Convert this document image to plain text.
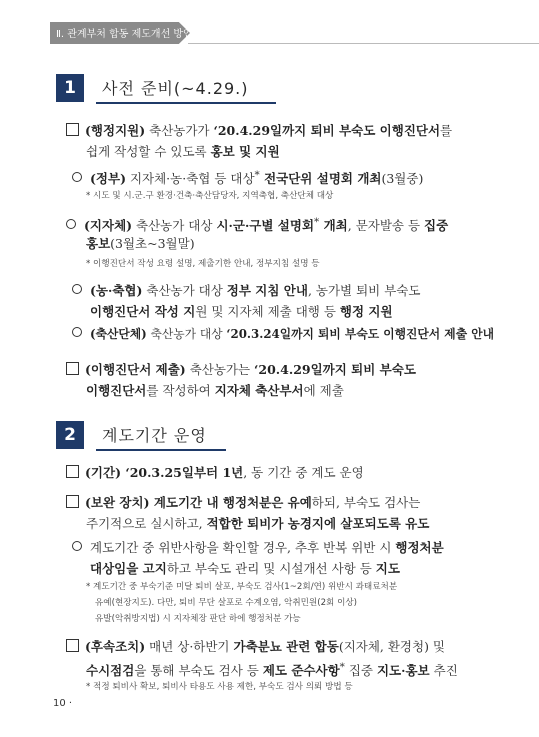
Ⅱ. 관계부처 합동 제도개선 방안
1	사전 준비(~4.29.)
(행정지원) 축산농가가 ‘20.4.29일까지 퇴비 부숙도 이행진단서를
쉽게 작성할 수 있도록 홍보 및 지원
(정부) 지자체·농·축협 등 대상* 전국단위 설명회 개최(3월중)
* 시도 및 시.군.구 환경·건축·축산담당자, 지역축협, 축산단체 대상
(지자체) 축산농가 대상 시·군·구별 설명회* 개최, 문자발송 등 집중
홍보(3월초~3월말)
* 이행진단서 작성 요령 설명, 제출기한 안내, 정부지침 설명 등
(농·축협) 축산농가 대상 정부 지침 안내, 농가별 퇴비 부숙도
이행진단서 작성 지원 및 지자체 제출 대행 등 행정 지원
(축산단체) 축산농가 대상 ‘20.3.24일까지 퇴비 부숙도 이행진단서 제출 안내
(이행진단서 제출) 축산농가는 ‘20.4.29일까지 퇴비 부숙도
이행진단서를 작성하여 지자체 축산부서에 제출
2	계도기간 운영
(기간) ‘20.3.25일부터 1년, 동 기간 중 계도 운영
(보완 장치) 계도기간 내 행정처분은 유예하되, 부숙도 검사는
주기적으로 실시하고, 적합한 퇴비가 농경지에 살포되도록 유도
계도기간 중 위반사항을 확인할 경우, 추후 반복 위반 시 행정처분
대상임을 고지하고 부숙도 관리 및 시설개선 사항 등 지도
* 계도기간 중 부숙기준 미달 퇴비 살포, 부숙도 검사(1~2회/연) 위반시 과태료처분
유예(현장지도). 다만, 퇴비 무단 살포로 수계오염, 악취민원(2회 이상)
유발(악취방지법) 시 지자체장 판단 하에 행정처분 가능
(후속조치) 매년 상·하반기 가축분뇨 관련 합동(지자체, 환경청) 및
수시점검을 통해 부숙도 검사 등 제도 준수사항* 집중 지도·홍보 추진
* 적정 퇴비사 확보, 퇴비사 타용도 사용 제한, 부숙도 검사 의뢰 방법 등
10 ·
